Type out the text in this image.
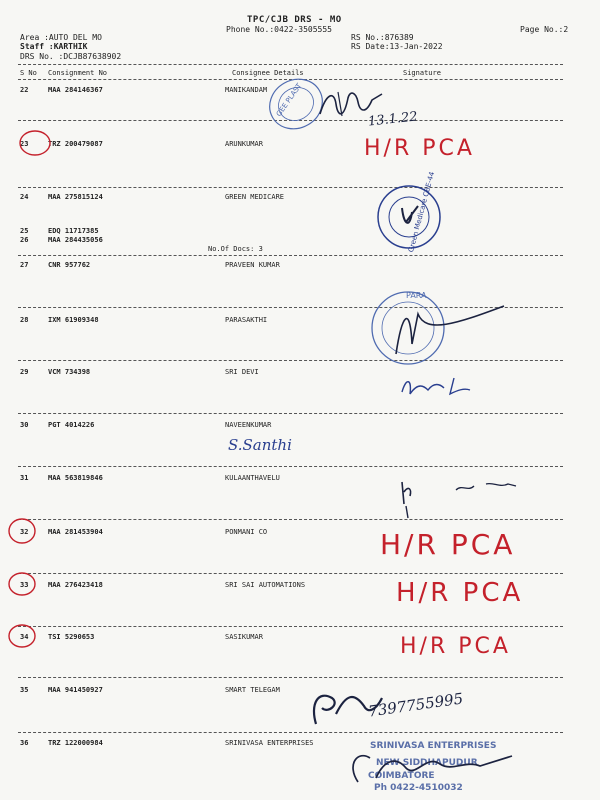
TPC/CJB DRS - MO
Phone No.:0422-3505555	Page No.:2
Area :AUTO DEL MO
Staff :KARTHIK
DRS No. :DCJB87638902
RS No.:876389
RS Date:13-Jan-2022
S No Consignment No	Consignee Details	Signature
22	MAA 284146367	MANIKANDAM
23	TRZ 200479087	ARUNKUMAR
24	MAA 275815124	GREEN MEDICARE
25	EDQ 11717385
26	MAA 284435056
No.Of Docs: 3
27	CNR 957762	PRAVEEN KUMAR
28	IXM 61909348	PARASAKTHI
29	VCM 734398	SRI DEVI
30	PGT 4014226	NAVEENKUMAR
31	MAA 563819846	KULAANTHAVELU
32	MAA 281453904	PONMANI CO
33	MAA 276423418	SRI SAI AUTOMATIONS
34	TSI 5290653	SASIKUMAR
35	MAA 941450927	SMART TELEGAM
36	TRZ 122000984	SRINIVASA ENTERPRISES
H/R PCA
H/R PCA
H/R PCA
H/R PCA
GEE PLAST
13.1.22
Green Medicare CBE-44
PARA
S.Santhi
7397755995
SRINIVASA ENTERPRISES
NEW SIDDHAPUDUR
COIMBATORE
Ph 0422-4510032
